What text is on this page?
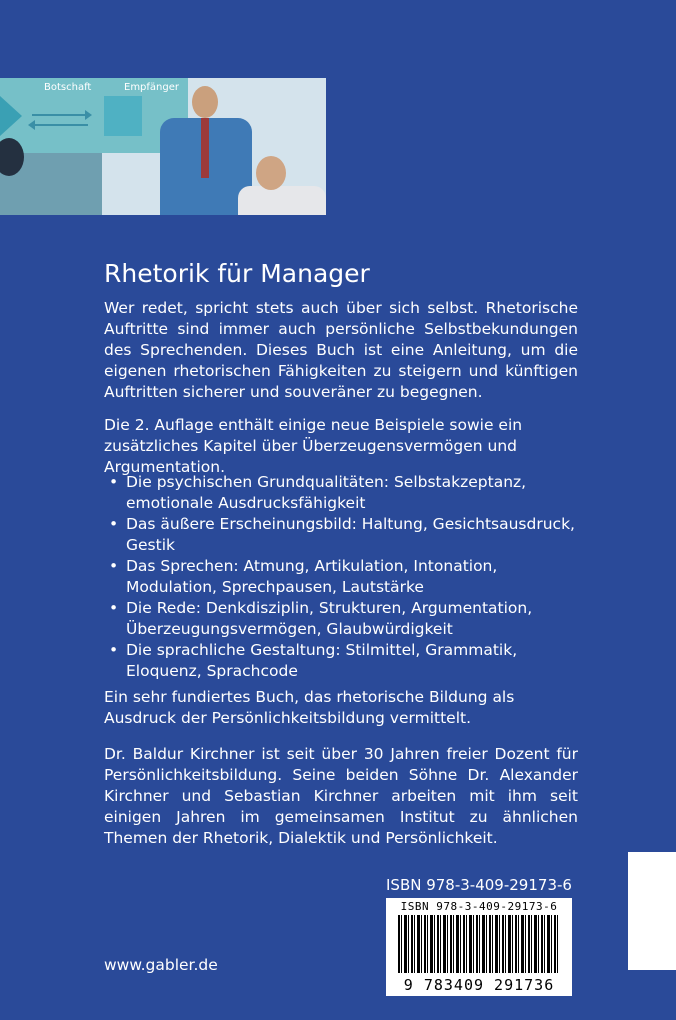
Botschaft	Empfänger
Rhetorik für Manager

Wer redet, spricht stets auch über sich selbst. Rhetorische Auftritte sind immer auch persönliche Selbstbekundungen des Sprechenden. Dieses Buch ist eine Anleitung, um die eigenen rhetorischen Fähigkeiten zu steigern und künftigen Auftritten sicherer und souveräner zu begegnen.

Die 2. Auflage enthält einige neue Beispiele sowie ein zusätzliches Kapitel über Überzeugensvermögen und Argumentation.

• Die psychischen Grundqualitäten: Selbstakzeptanz, emotionale Ausdrucksfähigkeit
• Das äußere Erscheinungsbild: Haltung, Gesichtsausdruck, Gestik
• Das Sprechen: Atmung, Artikulation, Intonation, Modulation, Sprechpausen, Lautstärke
• Die Rede: Denkdisziplin, Strukturen, Argumentation, Überzeugungsvermögen, Glaubwürdigkeit
• Die sprachliche Gestaltung: Stilmittel, Grammatik, Eloquenz, Sprachcode

Ein sehr fundiertes Buch, das rhetorische Bildung als Ausdruck der Persönlichkeitsbildung vermittelt.

Dr. Baldur Kirchner ist seit über 30 Jahren freier Dozent für Persönlichkeitsbildung. Seine beiden Söhne Dr. Alexander Kirchner und Sebastian Kirchner arbeiten mit ihm seit einigen Jahren im gemeinsamen Institut zu ähnlichen Themen der Rhetorik, Dialektik und Persönlichkeit.

ISBN 978-3-409-29173-6
ISBN 978-3-409-29173-6
9 783409 291736
www.gabler.de
